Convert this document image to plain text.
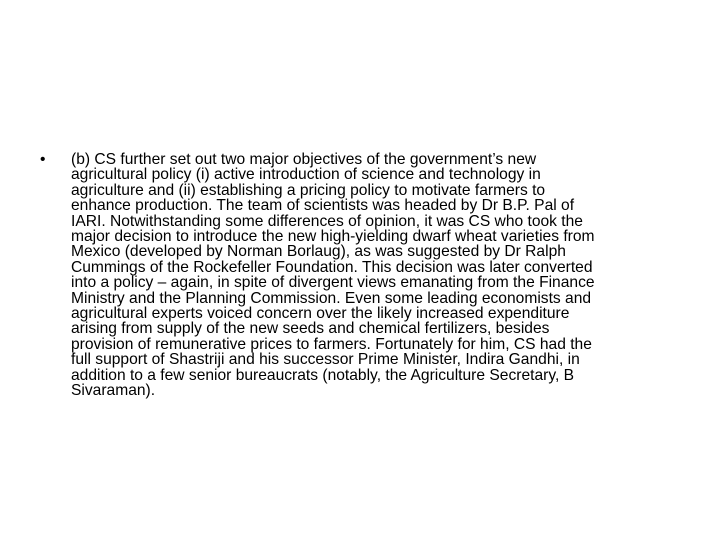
• (b) CS further set out two major objectives of the government’s new
agricultural policy (i) active introduction of science and technology in
agriculture and (ii) establishing a pricing policy to motivate farmers to
enhance production. The team of scientists was headed by Dr B.P. Pal of
IARI. Notwithstanding some differences of opinion, it was CS who took the
major decision to introduce the new high-yielding dwarf wheat varieties from
Mexico (developed by Norman Borlaug), as was suggested by Dr Ralph
Cummings of the Rockefeller Foundation. This decision was later converted
into a policy – again, in spite of divergent views emanating from the Finance
Ministry and the Planning Commission. Even some leading economists and
agricultural experts voiced concern over the likely increased expenditure
arising from supply of the new seeds and chemical fertilizers, besides
provision of remunerative prices to farmers. Fortunately for him, CS had the
full support of Shastriji and his successor Prime Minister, Indira Gandhi, in
addition to a few senior bureaucrats (notably, the Agriculture Secretary, B
Sivaraman).
